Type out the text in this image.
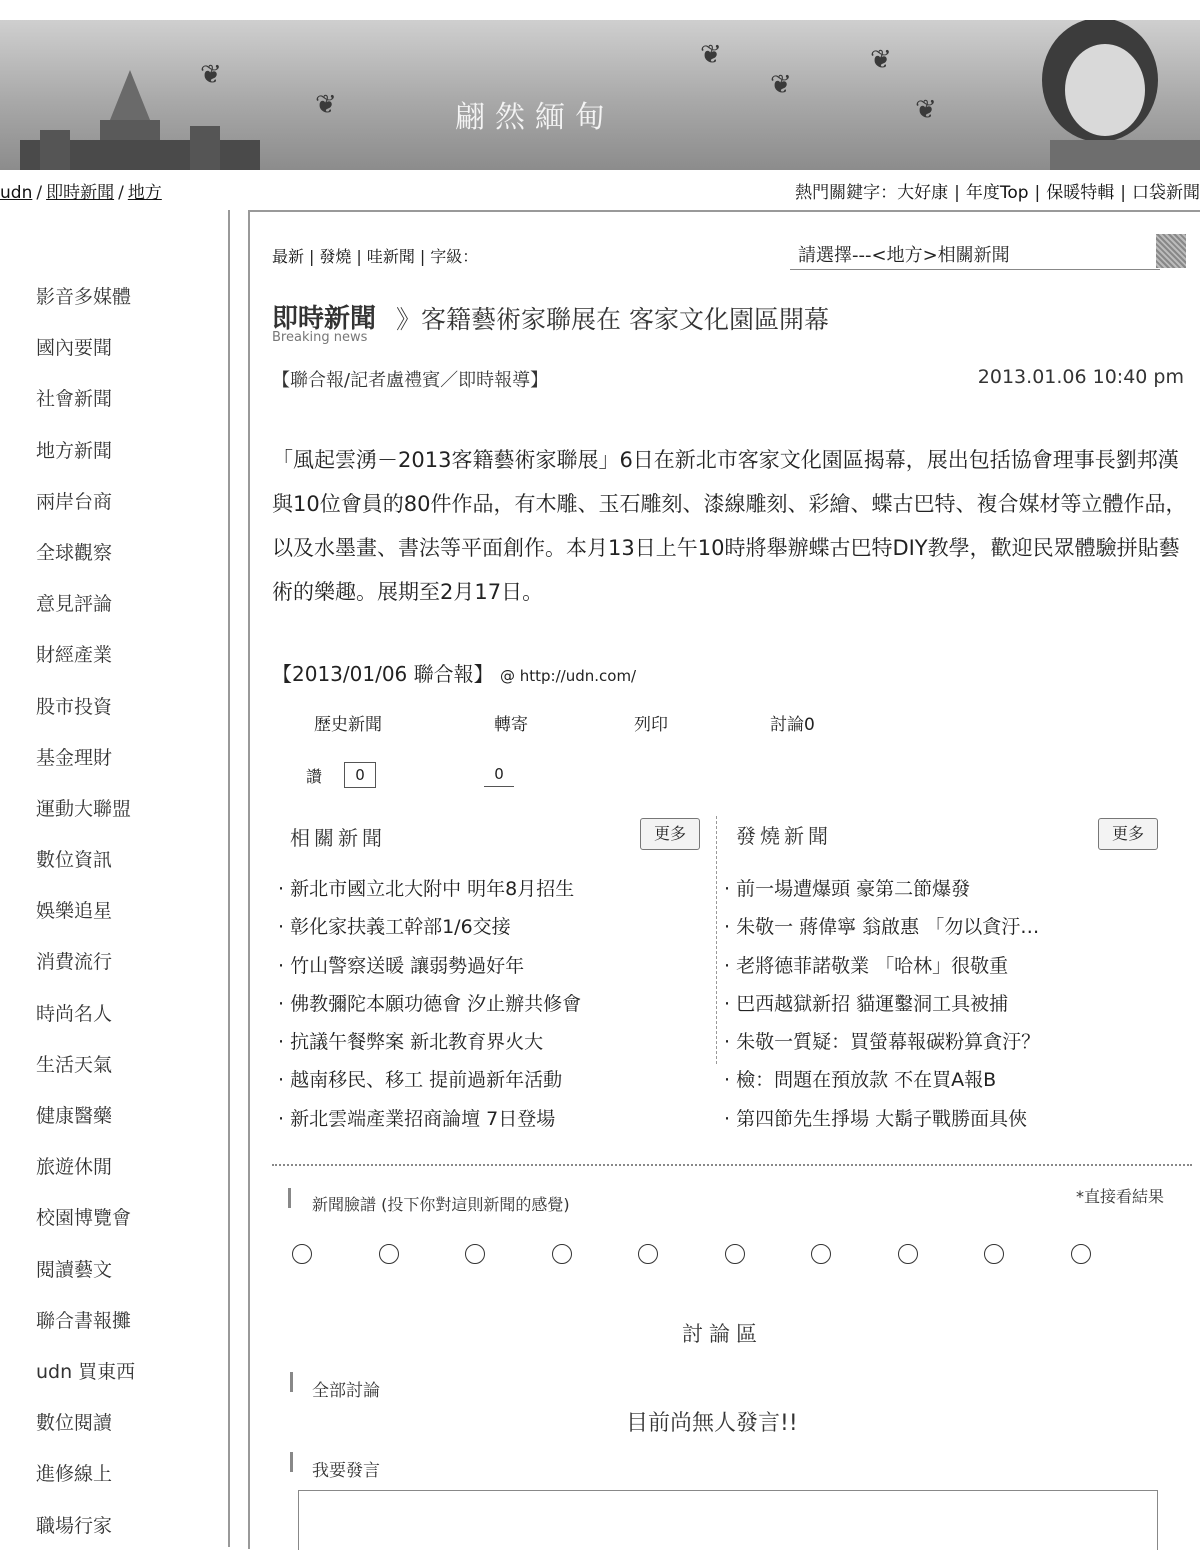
翩然緬甸
❦
❦
❦
❦
❦
❦
udn / 即時新聞 / 地方	熱門關鍵字：大好康 | 年度Top | 保暖特輯 | 口袋新聞
影音多媒體
國內要聞
社會新聞
地方新聞
兩岸台商
全球觀察
意見評論
財經產業
股市投資
基金理財
運動大聯盟
數位資訊
娛樂追星
消費流行
時尚名人
生活天氣
健康醫藥
旅遊休閒
校園博覽會
閱讀藝文
聯合書報攤
udn 買東西
數位閱讀
進修線上
職場行家
最新 | 發燒 | 哇新聞 | 字級：	請選擇---<地方>相關新聞
即時新聞
Breaking news
》客籍藝術家聯展在 客家文化園區開幕
【聯合報/記者盧禮賓／即時報導】	2013.01.06 10:40 pm
「風起雲湧－2013客籍藝術家聯展」6日在新北市客家文化園區揭幕，展出包括協會理事長劉邦漢與10位會員的80件作品，有木雕、玉石雕刻、漆線雕刻、彩繪、蝶古巴特、複合媒材等立體作品，以及水墨畫、書法等平面創作。本月13日上午10時將舉辦蝶古巴特DIY教學，歡迎民眾體驗拼貼藝術的樂趣。展期至2月17日。
【2013/01/06 聯合報】 @ http://udn.com/
歷史新聞	轉寄	列印	討論0
讚	0	0
相關新聞	更多
· 新北市國立北大附中 明年8月招生
· 彰化家扶義工幹部1/6交接
· 竹山警察送暖 讓弱勢過好年
· 佛教彌陀本願功德會 汐止辦共修會
· 抗議午餐弊案 新北教育界火大
· 越南移民、移工 提前過新年活動
· 新北雲端產業招商論壇 7日登場
發燒新聞	更多
· 前一場遭爆頭 豪第二節爆發
· 朱敬一 蔣偉寧 翁啟惠 「勿以貪汙…
· 老將德菲諾敬業 「哈林」很敬重
· 巴西越獄新招 貓運鑿洞工具被捕
· 朱敬一質疑：買螢幕報碳粉算貪汙？
· 檢：問題在預放款 不在買A報B
· 第四節先生掙場 大鬍子戰勝面具俠
新聞臉譜 (投下你對這則新聞的感覺)	*直接看結果
討論區
全部討論
目前尚無人發言!!
我要發言
